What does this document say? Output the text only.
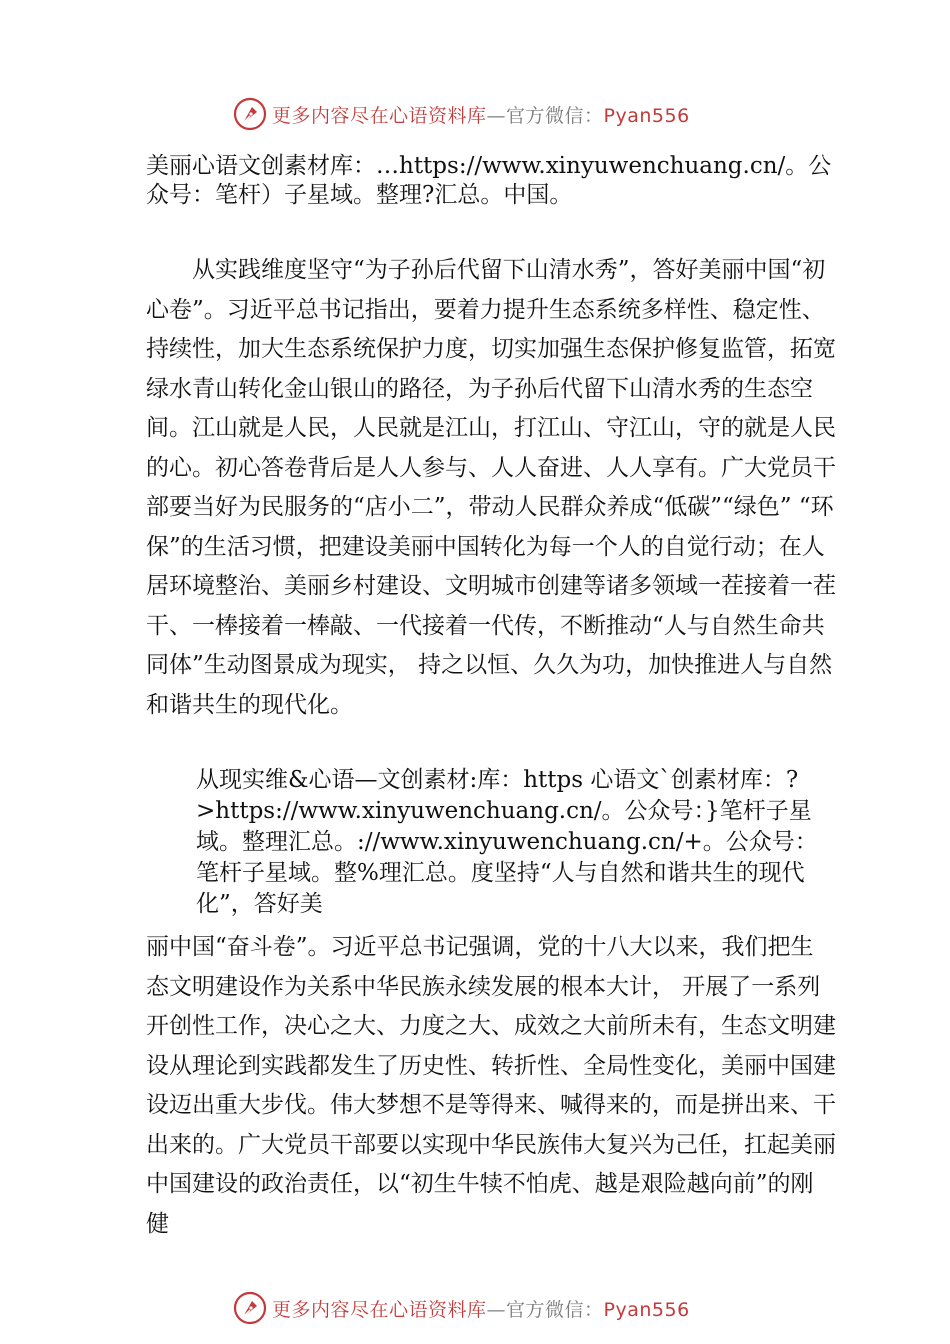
更多内容尽在心语资料库—官方微信：Pyan556

美丽心语文创素材库：…https://www.xinyuwenchuang.cn/。公众号：笔杆）子星域。整理?汇总。中国。

从实践维度坚守“为子孙后代留下山清水秀”，答好美丽中国“初心卷”。习近平总书记指出，要着力提升生态系统多样性、稳定性、持续性，加大生态系统保护力度，切实加强生态保护修复监管，拓宽绿水青山转化金山银山的路径，为子孙后代留下山清水秀的生态空间。江山就是人民，人民就是江山，打江山、守江山，守的就是人民的心。初心答卷背后是人人参与、人人奋进、人人享有。广大党员干部要当好为民服务的“店小二”，带动人民群众养成“低碳”“绿色” “环保”的生活习惯，把建设美丽中国转化为每一个人的自觉行动；在人居环境整治、美丽乡村建设、文明城市创建等诸多领域一茬接着一茬干、一棒接着一棒敲、一代接着一代传，不断推动“人与自然生命共同体”生动图景成为现实， 持之以恒、久久为功，加快推进人与自然和谐共生的现代化。

从现实维&心语—文创素材:库：https 心语文`创素材库：?>https://www.xinyuwenchuang.cn/。公众号：}笔杆子星域。整理汇总。://www.xinyuwenchuang.cn/+。公众号：笔杆子星域。整%理汇总。度坚持“人与自然和谐共生的现代化”，答好美

丽中国“奋斗卷”。习近平总书记强调，党的十八大以来，我们把生态文明建设作为关系中华民族永续发展的根本大计， 开展了一系列开创性工作，决心之大、力度之大、成效之大前所未有，生态文明建设从理论到实践都发生了历史性、转折性、全局性变化，美丽中国建设迈出重大步伐。伟大梦想不是等得来、喊得来的，而是拼出来、干出来的。广大党员干部要以实现中华民族伟大复兴为己任，扛起美丽中国建设的政治责任，以“初生牛犊不怕虎、越是艰险越向前”的刚健

更多内容尽在心语资料库—官方微信：Pyan556
